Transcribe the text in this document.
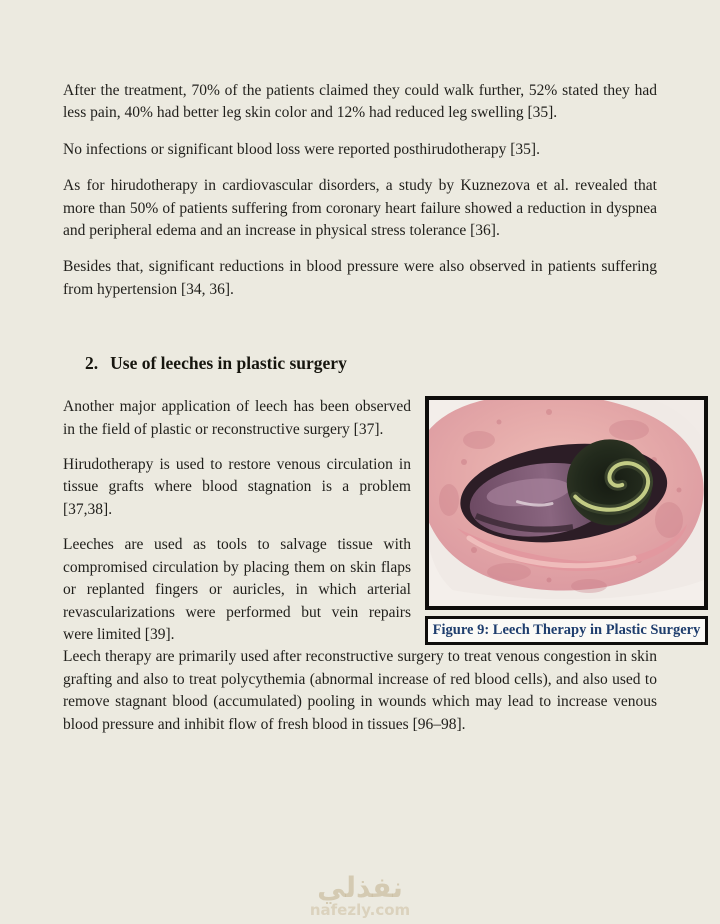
After the treatment, 70% of the patients claimed they could walk further, 52% stated they had less pain, 40% had better leg skin color and 12% had reduced leg swelling [35].

No infections or significant blood loss were reported posthirudotherapy [35].

As for hirudotherapy in cardiovascular disorders, a study by Kuznezova et al. revealed that more than 50% of patients suffering from coronary heart failure showed a reduction in dyspnea and peripheral edema and an increase in physical stress tolerance [36].

Besides that, significant reductions in blood pressure were also observed in patients suffering from hypertension [34, 36].

2. Use of leeches in plastic surgery

Another major application of leech has been observed in the field of plastic or reconstructive surgery [37].

Hirudotherapy is used to restore venous circulation in tissue grafts where blood stagnation is a problem [37,38].

Leeches are used as tools to salvage tissue with compromised circulation by placing them on skin flaps or replanted fingers or auricles, in which arterial revascularizations were performed but vein repairs were limited [39].	Figure 9: Leech Therapy in Plastic Surgery

Leech therapy are primarily used after reconstructive surgery to treat venous congestion in skin grafting and also to treat polycythemia (abnormal increase of red blood cells), and also used to remove stagnant blood (accumulated) pooling in wounds which may lead to increase venous blood pressure and inhibit flow of fresh blood in tissues [96–98].

نفذلي
nafezly.com
